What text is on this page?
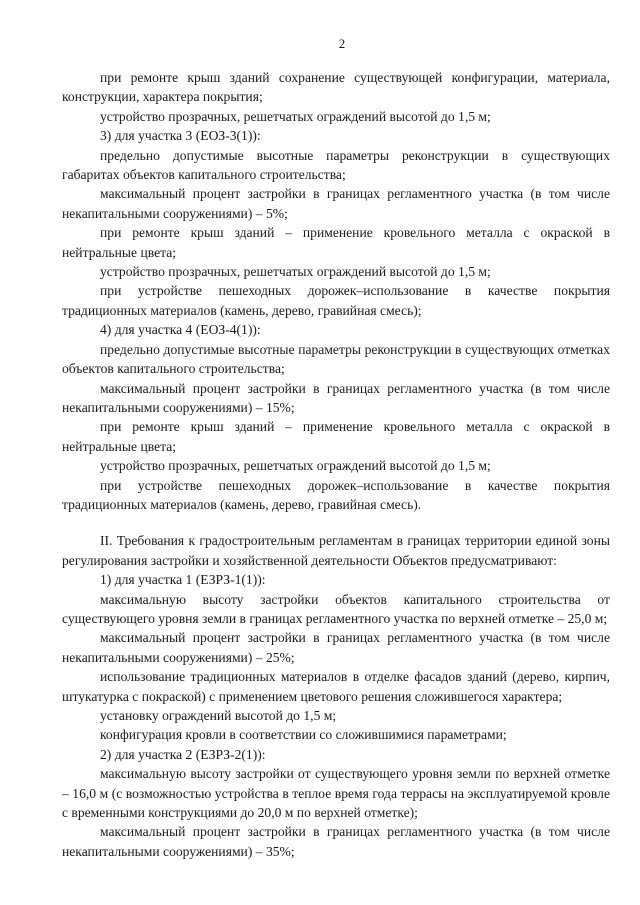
2

при ремонте крыш зданий сохранение существующей конфигурации, материала, конструкции, характера покрытия;

устройство прозрачных, решетчатых ограждений высотой до 1,5 м;

3) для участка 3 (ЕОЗ-3(1)):

предельно допустимые высотные параметры реконструкции в существующих габаритах объектов капитального строительства;

максимальный процент застройки в границах регламентного участка (в том числе некапитальными сооружениями) – 5%;

при ремонте крыш зданий – применение кровельного металла с окраской в нейтральные цвета;

устройство прозрачных, решетчатых ограждений высотой до 1,5 м;

при устройстве пешеходных дорожек–использование в качестве покрытия традиционных материалов (камень, дерево, гравийная смесь);

4) для участка 4 (ЕОЗ-4(1)):

предельно допустимые высотные параметры реконструкции в существующих отметках объектов капитального строительства;

максимальный процент застройки в границах регламентного участка (в том числе некапитальными сооружениями) – 15%;

при ремонте крыш зданий – применение кровельного металла с окраской в нейтральные цвета;

устройство прозрачных, решетчатых ограждений высотой до 1,5 м;

при устройстве пешеходных дорожек–использование в качестве покрытия традиционных материалов (камень, дерево, гравийная смесь).

II. Требования к градостроительным регламентам в границах территории единой зоны регулирования застройки и хозяйственной деятельности Объектов предусматривают:

1) для участка 1 (ЕЗРЗ-1(1)):

максимальную высоту застройки объектов капитального строительства от существующего уровня земли в границах регламентного участка по верхней отметке – 25,0 м;

максимальный процент застройки в границах регламентного участка (в том числе некапитальными сооружениями) – 25%;

использование традиционных материалов в отделке фасадов зданий (дерево, кирпич, штукатурка с покраской) с применением цветового решения сложившегося характера;

установку ограждений высотой до 1,5 м;

конфигурация кровли в соответствии со сложившимися параметрами;

2) для участка 2 (ЕЗРЗ-2(1)):

максимальную высоту застройки от существующего уровня земли по верхней отметке – 16,0 м (с возможностью устройства в теплое время года террасы на эксплуатируемой кровле с временными конструкциями до 20,0 м по верхней отметке);

максимальный процент застройки в границах регламентного участка (в том числе некапитальными сооружениями) – 35%;
